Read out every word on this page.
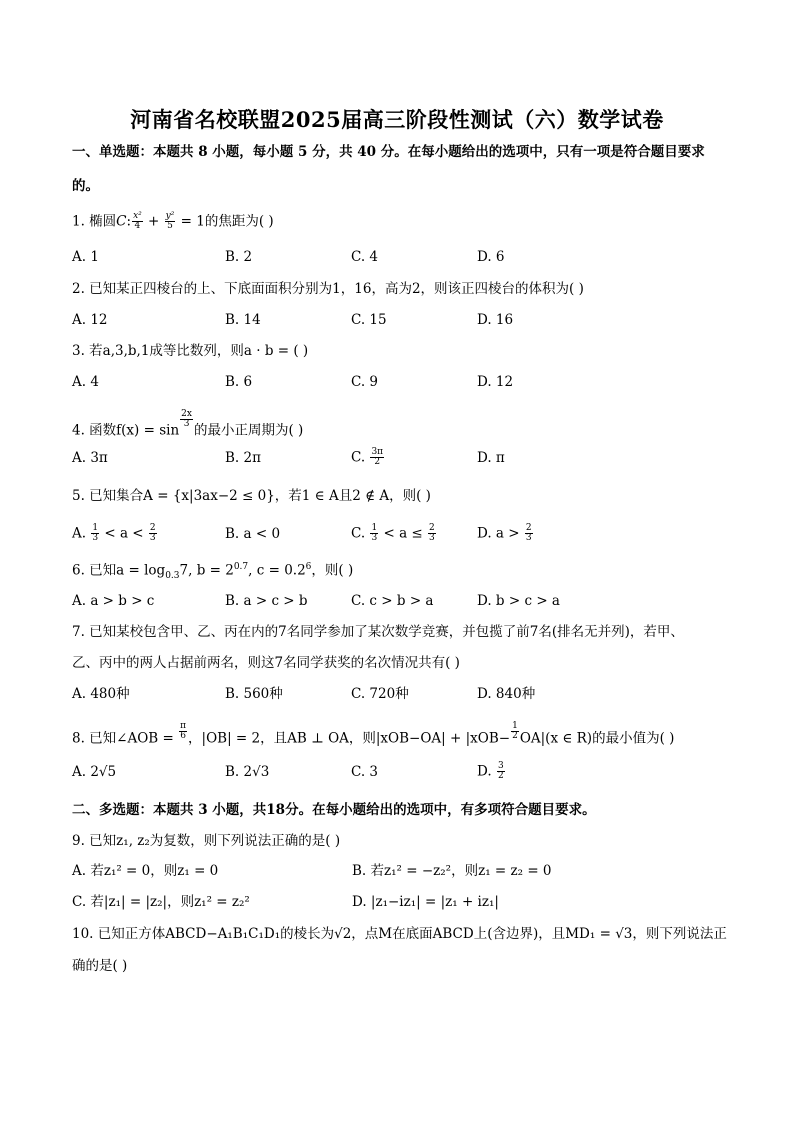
河南省名校联盟2025届高三阶段性测试（六）数学试卷
一、单选题：本题共 8 小题，每小题 5 分，共 40 分。在每小题给出的选项中，只有一项是符合题目要求
的。
1. 椭圆C: $\frac{\text{x²}}{4} + \frac{\text{y²}}{5} = 1$的焦距为( )
A. 1	B. 2	C. 4	D. 6
2. 已知某正四棱台的上、下底面面积分别为1，16，高为2，则该正四棱台的体积为( )
A. 12	B. 14	C. 15	D. 16
3. 若a,3,b,1成等比数列，则a · b = ( )
A. 4	B. 6	C. 9	D. 12
4. 函数f(x) = sin
$\frac{2x}{3}$
的最小正周期为( )
A. 3π	B. 2π	C. $\frac{3\pi}{2}$	D. π
5. 已知集合A = {x|3ax−2 ≤ 0}，若1 ∈ A且2 ∉ A，则( )
A. $\frac{1}{3} < a < \frac{2}{3}$	B. a < 0	C. $\frac{1}{3} < a \le \frac{2}{3}$	D. $a > \frac{2}{3}$
6. 已知$a = \log_{0.3}7$, $b = 2^{0.7}$, $c = 0.2^6$，则( )
A. a > b > c	B. a > c > b	C. c > b > a	D. b > c > a
7. 已知某校包含甲、乙、丙在内的7名同学参加了某次数学竞赛，并包揽了前7名(排名无并列)，若甲、
乙、丙中的两人占据前两名，则这7名同学获奖的名次情况共有( )
A. 480种	B. 560种	C. 720种	D. 840种
8. 已知∠AOB = $\frac{\pi}{6}$ ，|OB| = 2，且AB ⊥ OA，则$|xOB-OA| + |xOB- \frac{1}{2} OA|(x$ ∈ R)的最小值为( )
A. 2√5	B. 2√3	C. 3	D. $\frac{3}{2}$
二、多选题：本题共 3 小题，共18分。在每小题给出的选项中，有多项符合题目要求。
9. 已知z₁, z₂为复数，则下列说法正确的是( )
A. 若z₁² = 0，则z₁ = 0	B. 若z₁² = −z₂²，则z₁ = z₂ = 0
C. 若|z₁| = |z₂|，则z₁² = z₂²	D. |z₁−iz₁| = |z₁ + iz₁|
10. 已知正方体ABCD−A₁B₁C₁D₁的棱长为√2，点M在底面ABCD上(含边界)，且MD₁ = √3，则下列说法正
确的是( )
